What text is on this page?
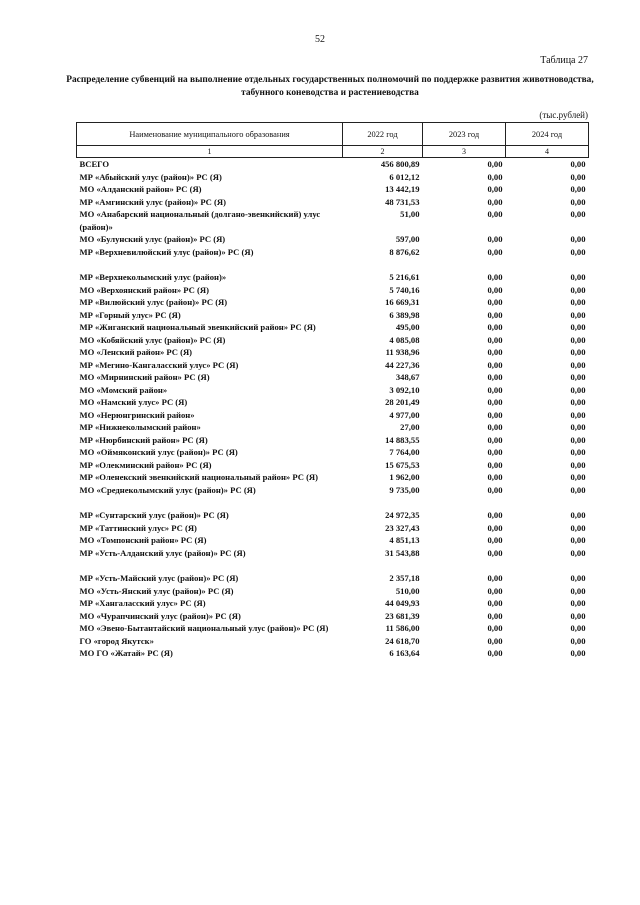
52
Таблица 27
Распределение субвенций на выполнение отдельных государственных полномочий по поддержке развития животноводства, табунного коневодства и растениеводства
(тыс.рублей)
Наименование муниципального образования	2022 год	2023 год	2024 год
1	2	3	4
ВСЕГО	456 800,89	0,00	0,00
МР «Абыйский улус (район)» РС (Я)	6 012,12	0,00	0,00
МО «Алданский район» РС (Я)	13 442,19	0,00	0,00
МР «Амгинский улус (район)» РС (Я)	48 731,53	0,00	0,00
МО «Анабарский национальный (долгано-эвенкийский) улус (район)»	51,00	0,00	0,00
МО «Булунский улус (район)» РС (Я)	597,00	0,00	0,00
МР «Верхневилюйский улус (район)» РС (Я)	8 876,62	0,00	0,00

МР «Верхнеколымский улус (район)»	5 216,61	0,00	0,00
МО «Верхоянский район» РС (Я)	5 740,16	0,00	0,00
МР «Вилюйский улус (район)» РС (Я)	16 669,31	0,00	0,00
МР «Горный улус» РС (Я)	6 389,98	0,00	0,00
МР «Жиганский национальный эвенкийский район» РС (Я)	495,00	0,00	0,00
МО «Кобяйский улус (район)» РС (Я)	4 085,08	0,00	0,00
МО «Ленский район» РС (Я)	11 938,96	0,00	0,00
МР «Мегино-Кангаласский улус» РС (Я)	44 227,36	0,00	0,00
МО «Мирнинский район» РС (Я)	348,67	0,00	0,00
МО «Момский район»	3 092,10	0,00	0,00
МО «Намский улус» РС (Я)	28 201,49	0,00	0,00
МО «Нерюнгринский район»	4 977,00	0,00	0,00
МР «Нижнеколымский район»	27,00	0,00	0,00
МР «Нюрбинский район» РС (Я)	14 883,55	0,00	0,00
МО «Оймяконский улус (район)» РС (Я)	7 764,00	0,00	0,00
МР «Олекминский район» РС (Я)	15 675,53	0,00	0,00
МР «Оленекский эвенкийский национальный район» РС (Я)	1 962,00	0,00	0,00
МО «Среднеколымский улус (район)» РС (Я)	9 735,00	0,00	0,00

МР «Сунтарский улус (район)» РС (Я)	24 972,35	0,00	0,00
МР «Таттинский улус» РС (Я)	23 327,43	0,00	0,00
МО «Томпонский район» РС (Я)	4 851,13	0,00	0,00
МР «Усть-Алданский улус (район)» РС (Я)	31 543,88	0,00	0,00

МР «Усть-Майский улус (район)» РС (Я)	2 357,18	0,00	0,00
МО «Усть-Янский улус (район)» РС (Я)	510,00	0,00	0,00
МР «Хангаласский улус» РС (Я)	44 049,93	0,00	0,00
МО «Чурапчинский улус (район)» РС (Я)	23 681,39	0,00	0,00
МО «Эвено-Бытантайский национальный улус (район)» РС (Я)	11 586,00	0,00	0,00
ГО «город Якутск»	24 618,70	0,00	0,00
МО ГО «Жатай» РС (Я)	6 163,64	0,00	0,00
